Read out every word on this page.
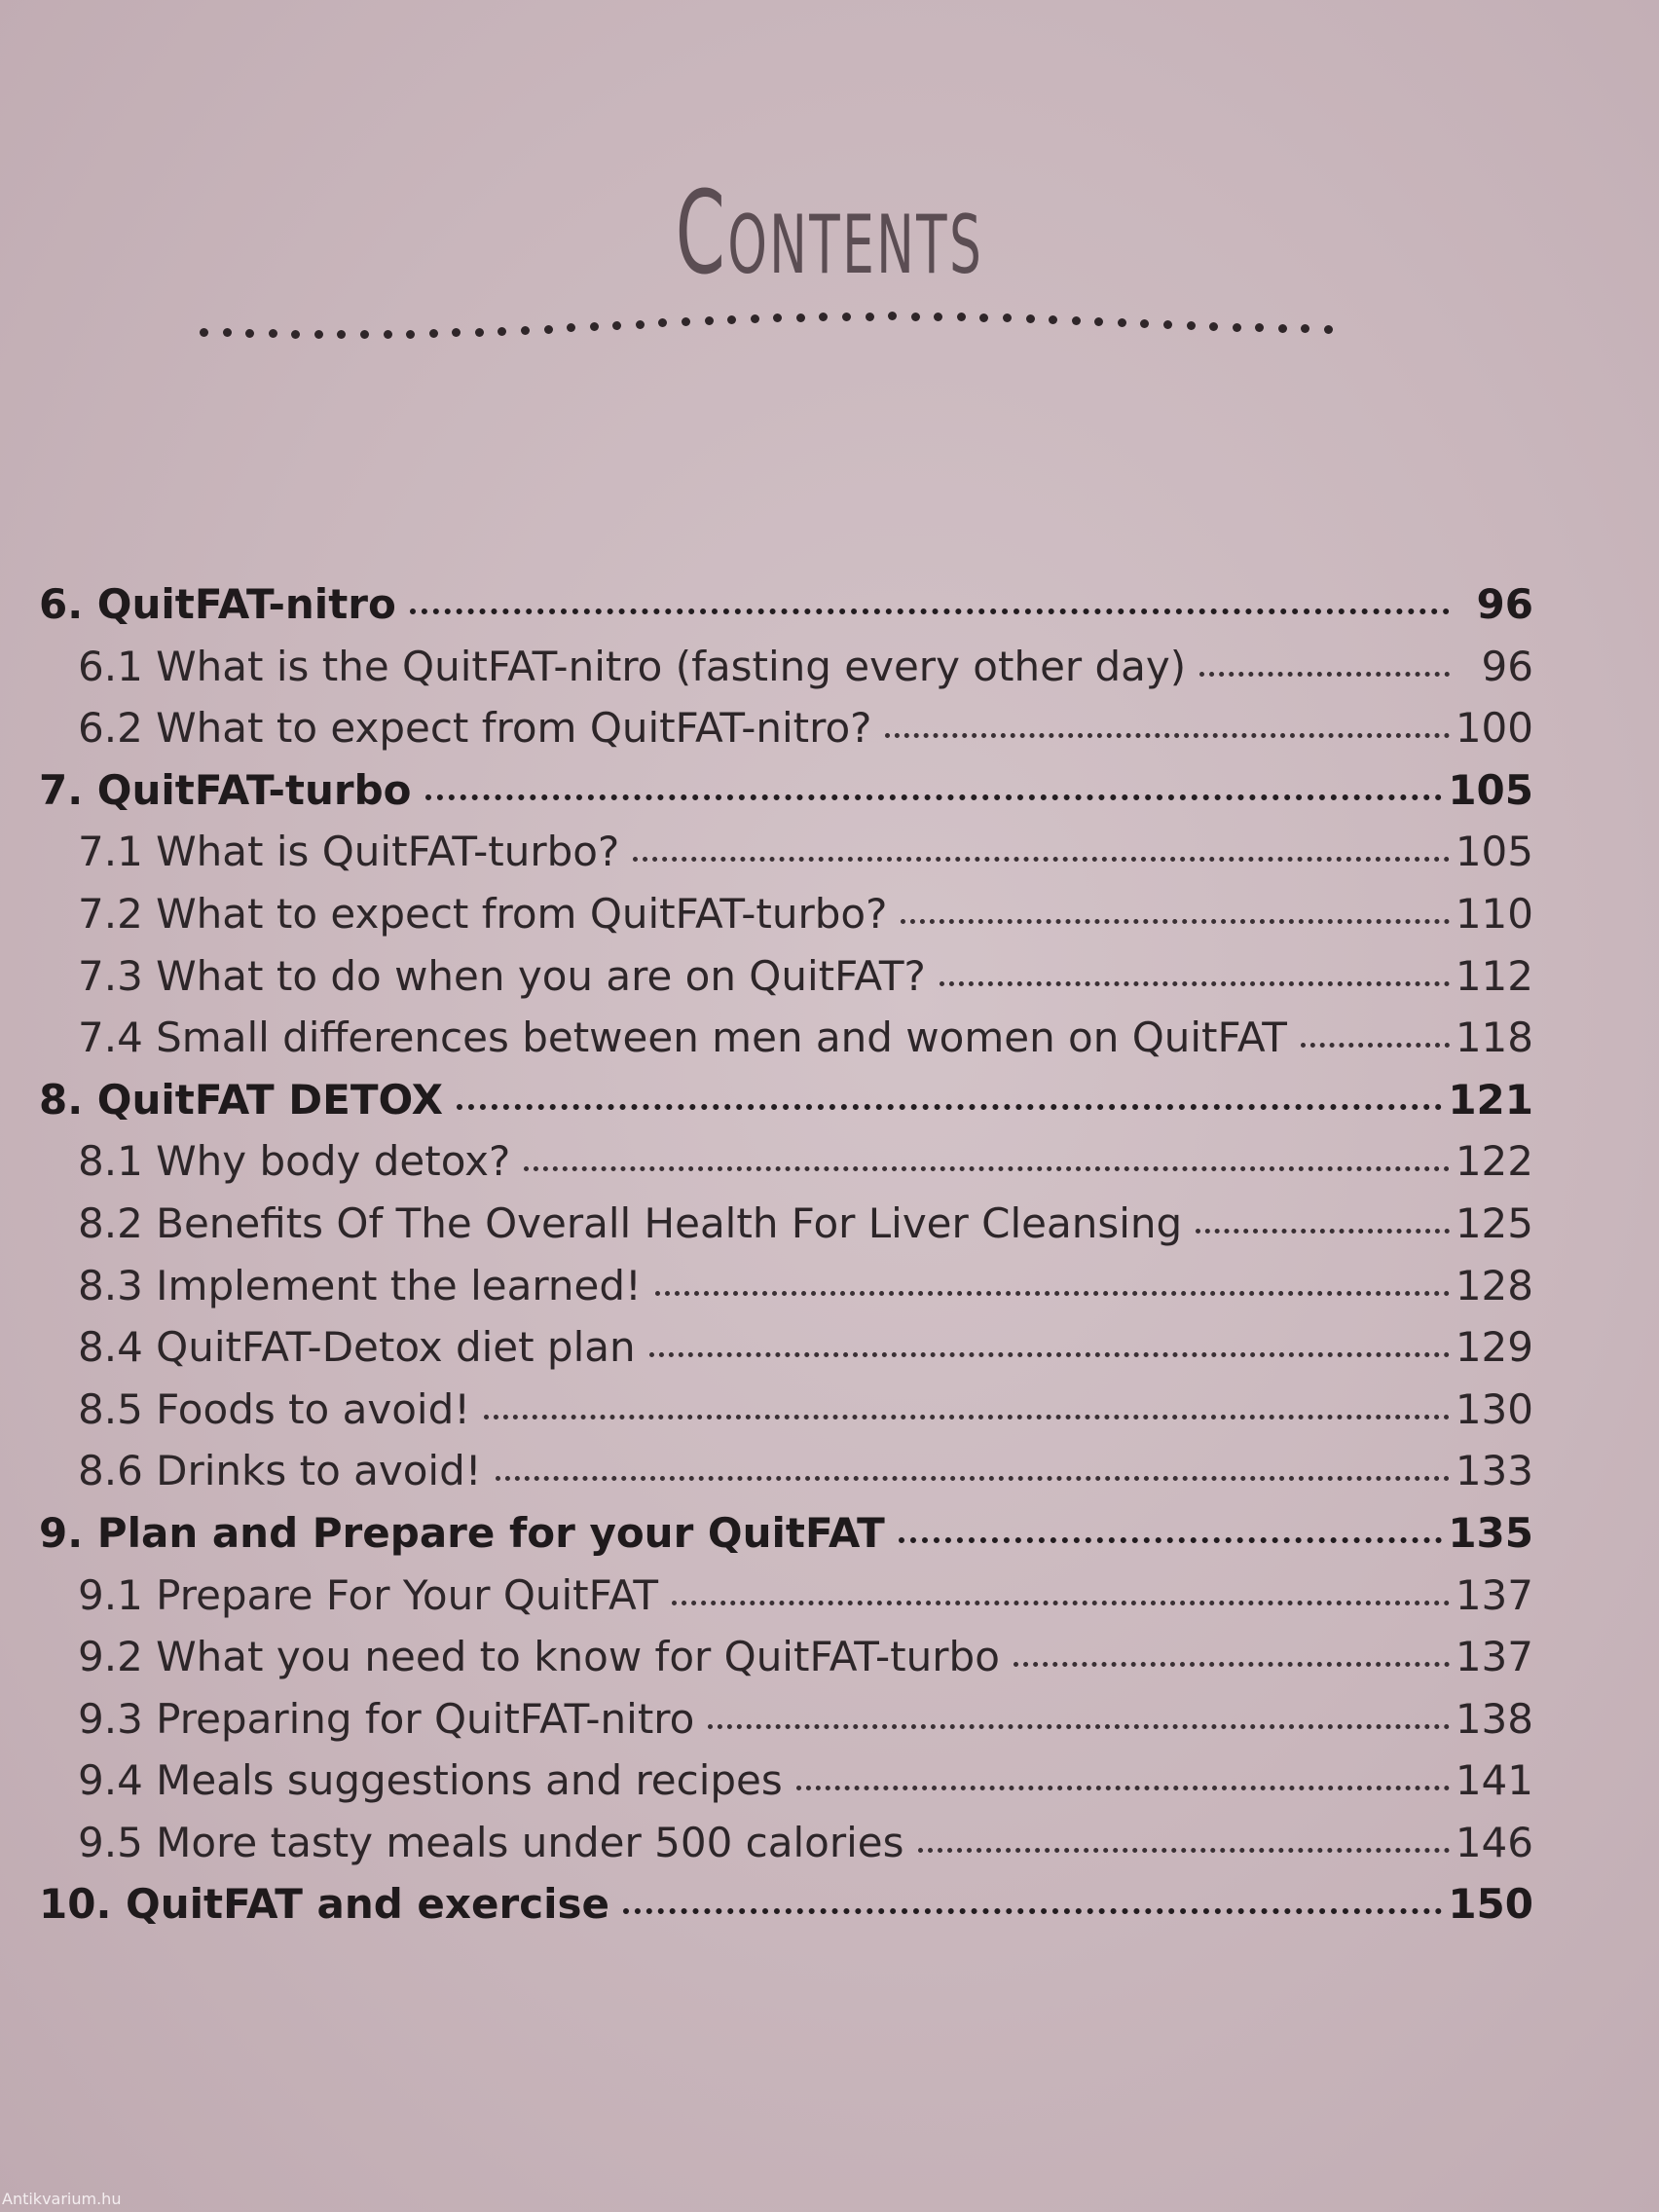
Contents
6. QuitFAT-nitro	96
6.1 What is the QuitFAT-nitro (fasting every other day)	96
6.2 What to expect from QuitFAT-nitro?	100
7. QuitFAT-turbo	105
7.1 What is QuitFAT-turbo?	105
7.2 What to expect from QuitFAT-turbo?	110
7.3 What to do when you are on QuitFAT?	112
7.4 Small differences between men and women on QuitFAT	118
8. QuitFAT DETOX	121
8.1 Why body detox?	122
8.2 Benefits Of The Overall Health For Liver Cleansing	125
8.3 Implement the learned!	128
8.4 QuitFAT-Detox diet plan	129
8.5 Foods to avoid!	130
8.6 Drinks to avoid!	133
9. Plan and Prepare for your QuitFAT	135
9.1 Prepare For Your QuitFAT	137
9.2 What you need to know for QuitFAT-turbo	137
9.3 Preparing for QuitFAT-nitro	138
9.4 Meals suggestions and recipes	141
9.5 More tasty meals under 500 calories	146
10. QuitFAT and exercise	150
Antikvarium.hu
